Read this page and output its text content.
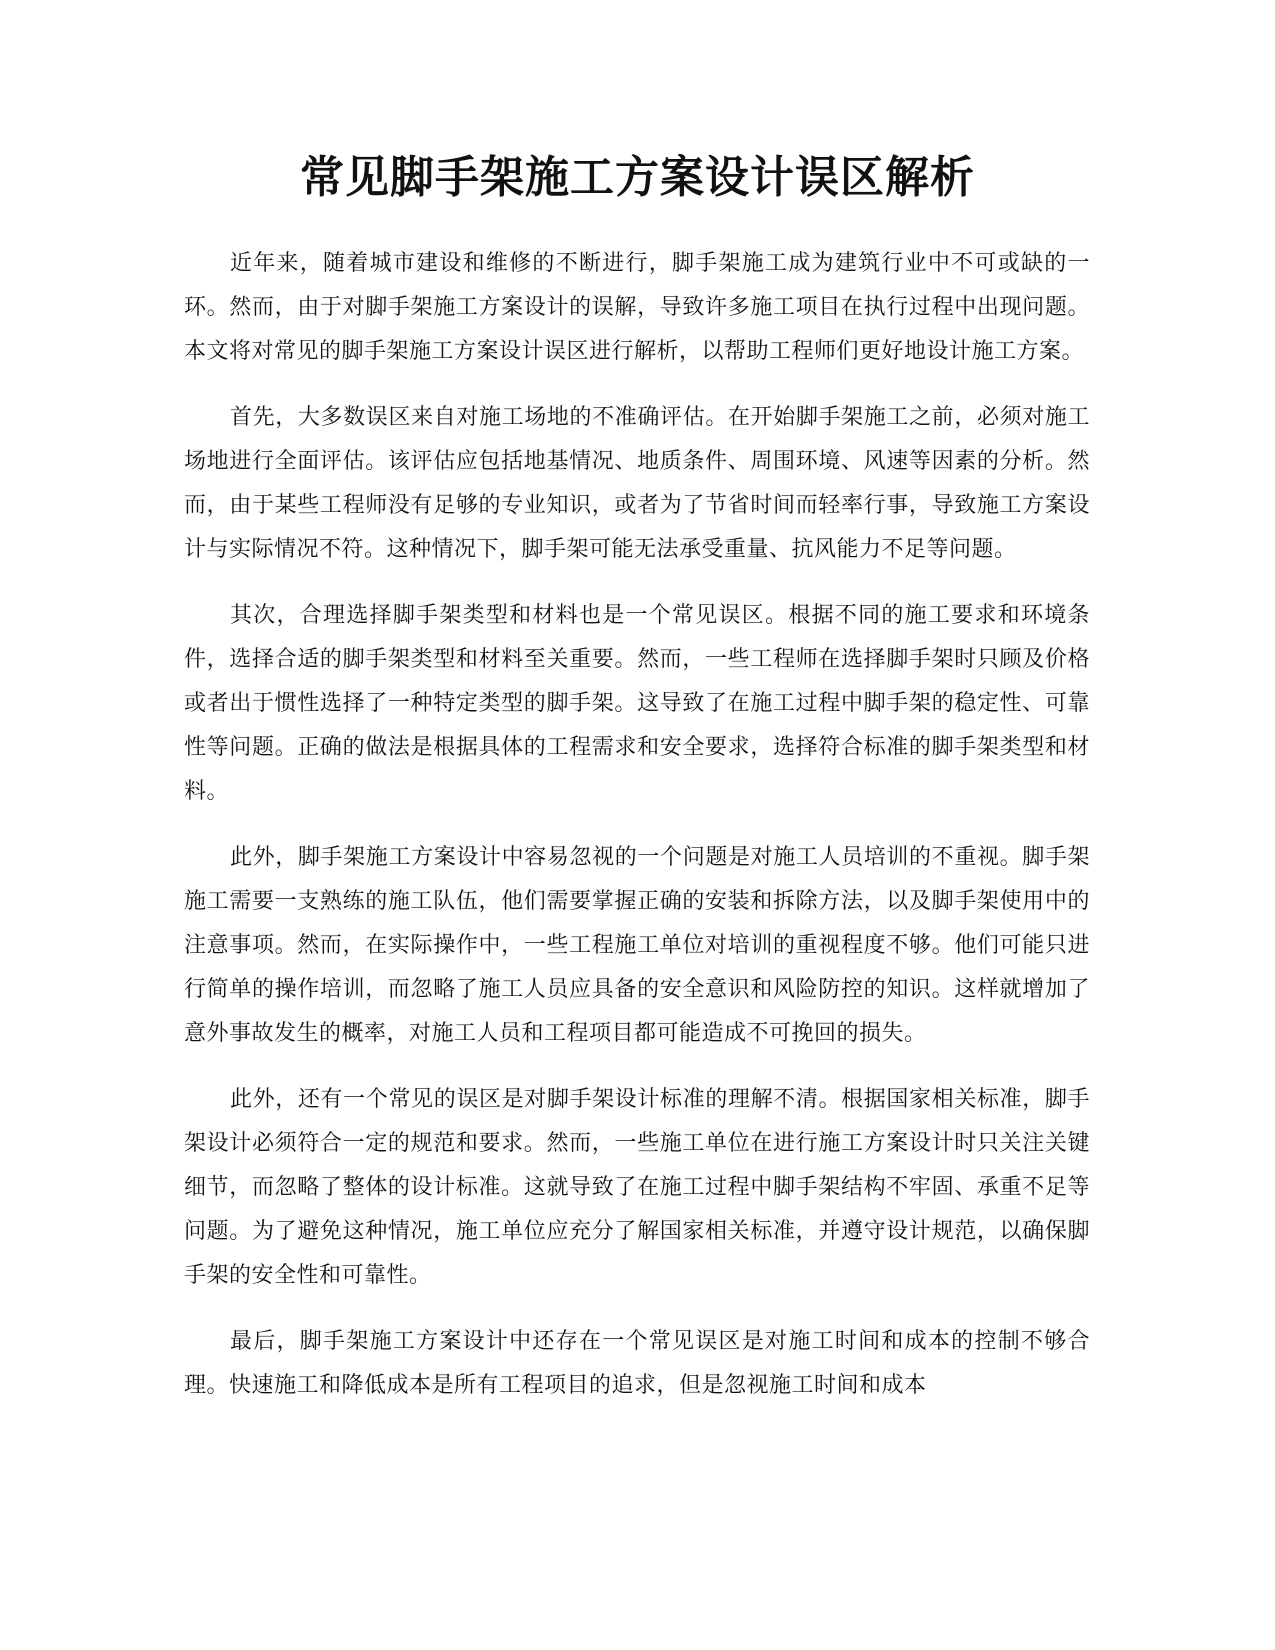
常见脚手架施工方案设计误区解析

近年来，随着城市建设和维修的不断进行，脚手架施工成为建筑行业中不可或缺的一环。然而，由于对脚手架施工方案设计的误解，导致许多施工项目在执行过程中出现问题。本文将对常见的脚手架施工方案设计误区进行解析，以帮助工程师们更好地设计施工方案。

首先，大多数误区来自对施工场地的不准确评估。在开始脚手架施工之前，必须对施工场地进行全面评估。该评估应包括地基情况、地质条件、周围环境、风速等因素的分析。然而，由于某些工程师没有足够的专业知识，或者为了节省时间而轻率行事，导致施工方案设计与实际情况不符。这种情况下，脚手架可能无法承受重量、抗风能力不足等问题。

其次，合理选择脚手架类型和材料也是一个常见误区。根据不同的施工要求和环境条件，选择合适的脚手架类型和材料至关重要。然而，一些工程师在选择脚手架时只顾及价格或者出于惯性选择了一种特定类型的脚手架。这导致了在施工过程中脚手架的稳定性、可靠性等问题。正确的做法是根据具体的工程需求和安全要求，选择符合标准的脚手架类型和材料。

此外，脚手架施工方案设计中容易忽视的一个问题是对施工人员培训的不重视。脚手架施工需要一支熟练的施工队伍，他们需要掌握正确的安装和拆除方法，以及脚手架使用中的注意事项。然而，在实际操作中，一些工程施工单位对培训的重视程度不够。他们可能只进行简单的操作培训，而忽略了施工人员应具备的安全意识和风险防控的知识。这样就增加了意外事故发生的概率，对施工人员和工程项目都可能造成不可挽回的损失。

此外，还有一个常见的误区是对脚手架设计标准的理解不清。根据国家相关标准，脚手架设计必须符合一定的规范和要求。然而，一些施工单位在进行施工方案设计时只关注关键细节，而忽略了整体的设计标准。这就导致了在施工过程中脚手架结构不牢固、承重不足等问题。为了避免这种情况，施工单位应充分了解国家相关标准，并遵守设计规范，以确保脚手架的安全性和可靠性。

最后，脚手架施工方案设计中还存在一个常见误区是对施工时间和成本的控制不够合理。快速施工和降低成本是所有工程项目的追求，但是忽视施工时间和成本
